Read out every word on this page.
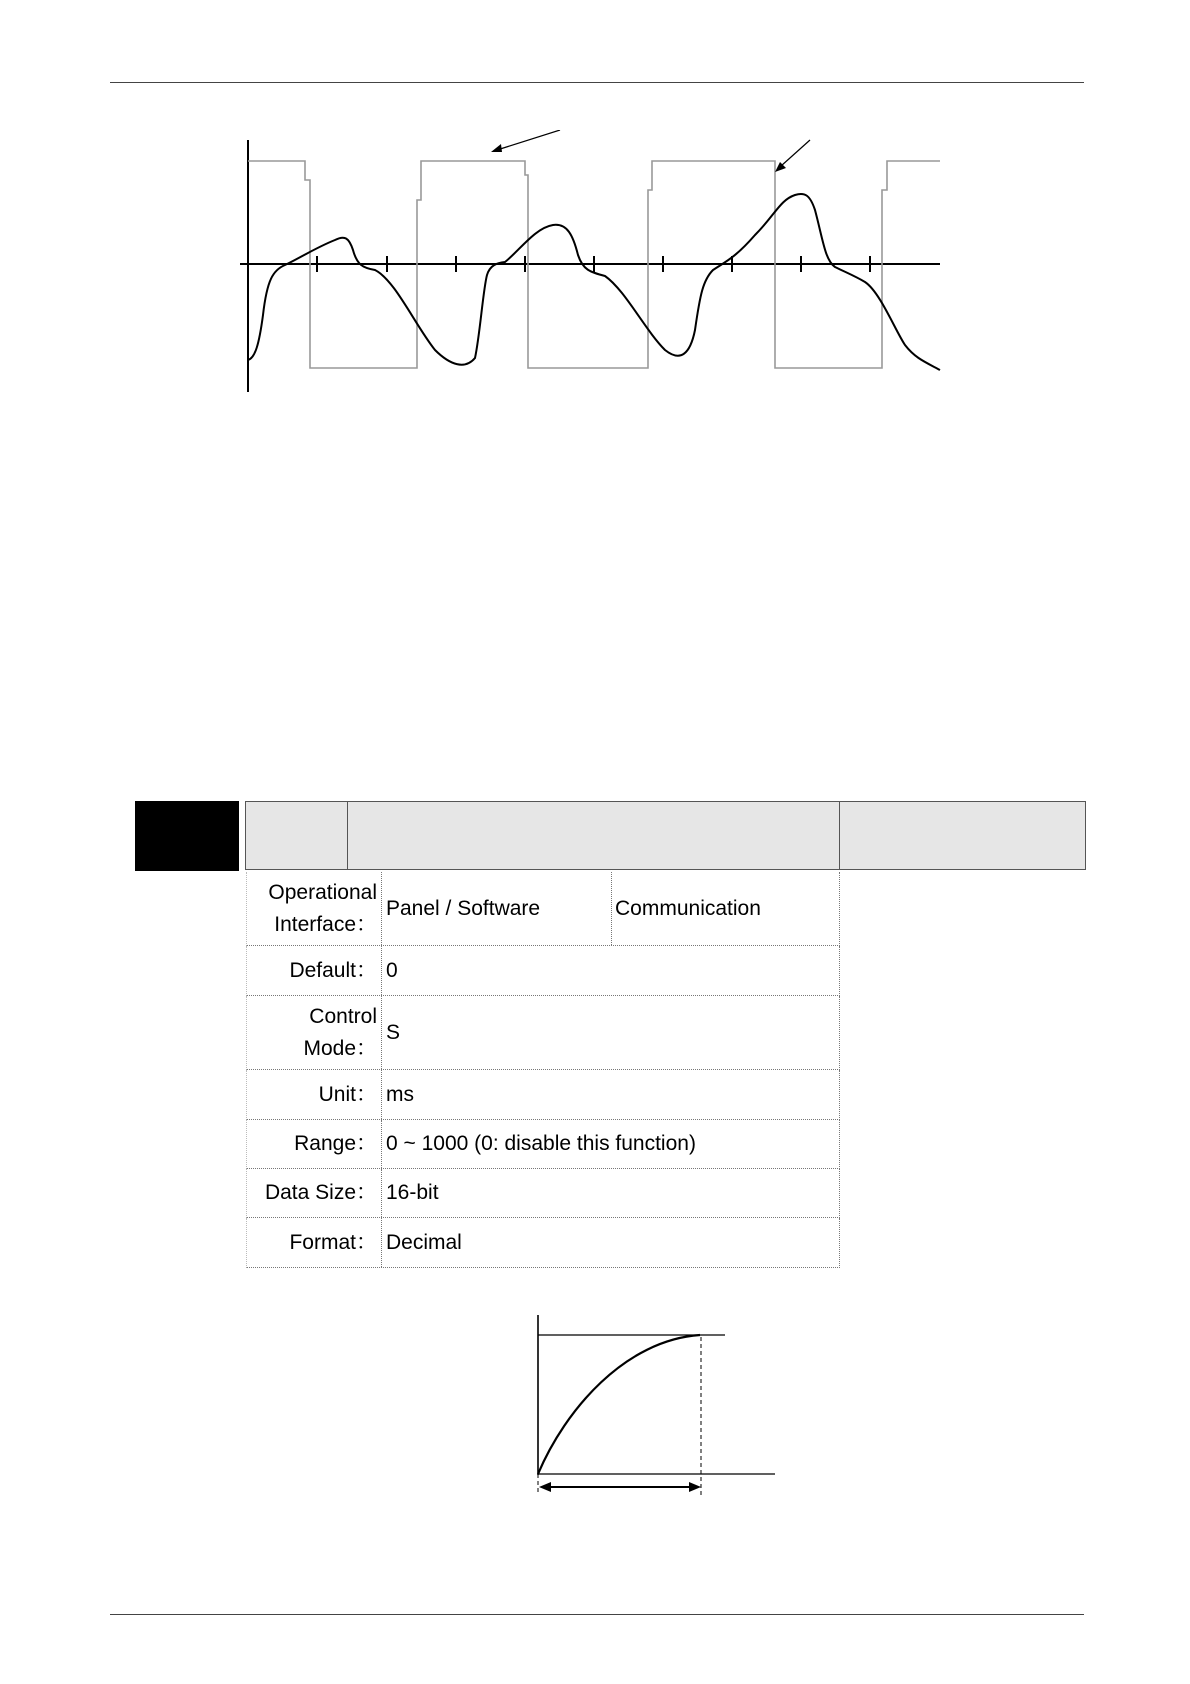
Operational
Interface：
Panel / Software	Communication
Default： 0
Control
Mode：
S
Unit： ms
Range： 0 ~ 1000 (0: disable this function)
Data Size： 16-bit
Format： Decimal
